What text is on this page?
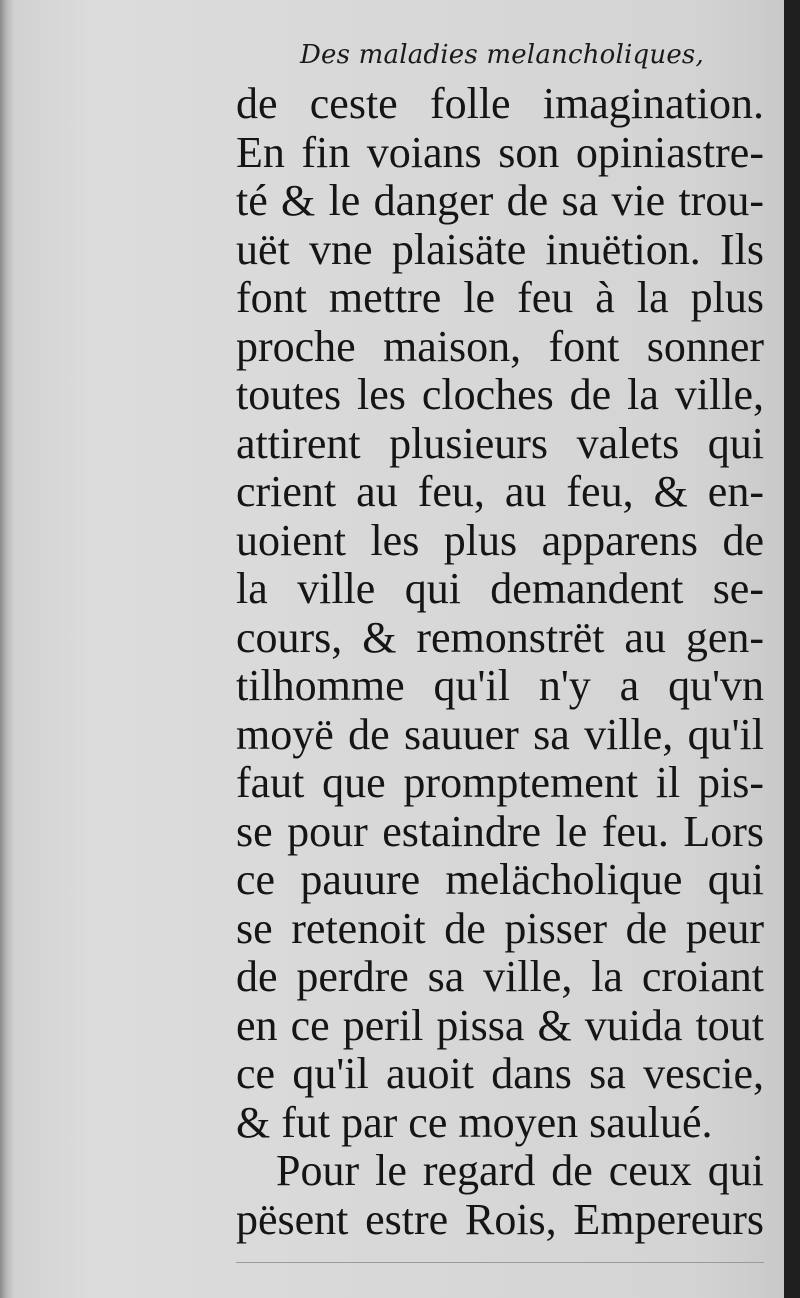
Des maladies melancholiques,
de ceste folle imagination.
En fin voians son opiniastre-
té & le danger de sa vie trou-
uët vne plaisäte inuëtion. Ils
font mettre le feu à la plus
proche maison, font sonner
toutes les cloches de la ville,
attirent plusieurs valets qui
crient au feu, au feu, & en-
uoient les plus apparens de
la ville qui demandent se-
cours, & remonstrët au gen-
tilhomme qu'il n'y a qu'vn
moyë de sauuer sa ville, qu'il
faut que promptement il pis-
se pour estaindre le feu. Lors
ce pauure melächolique qui
se retenoit de pisser de peur
de perdre sa ville, la croiant
en ce peril pissa & vuida tout
ce qu'il auoit dans sa vescie,
& fut par ce moyen saulué.
Pour le regard de ceux qui
pësent estre Rois, Empereurs
